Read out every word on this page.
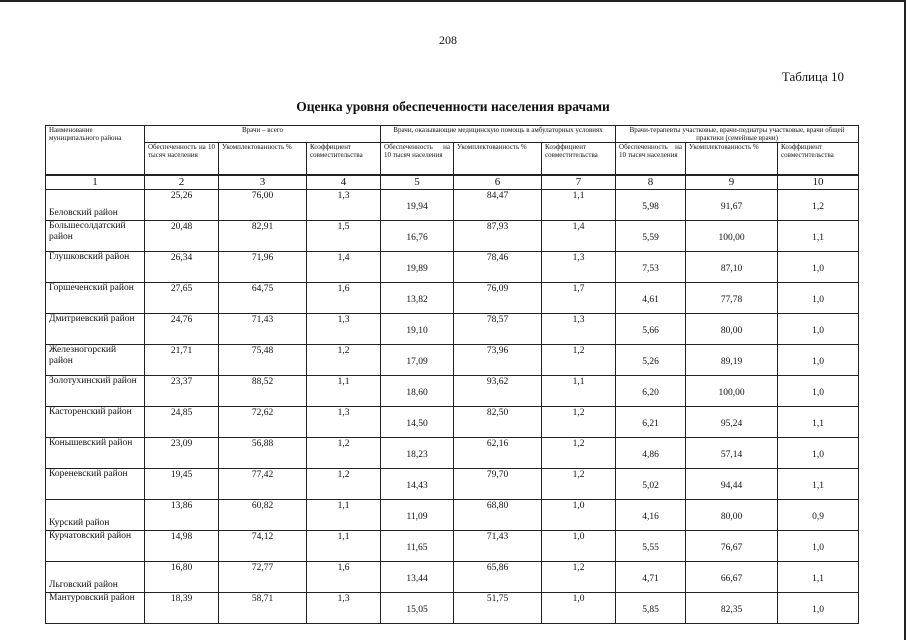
208
Таблица 10
Оценка уровня обеспеченности населения врачами
Наименование муниципального района	Врачи – всего			Врачи, оказывающие медицинскую помощь в амбулаторных условиях			Врачи-терапевты участковые, врачи-педиатры участковые, врачи общей практики (семейные врачи)		
	Обеспеченность на 10 тысяч населения	Укомплектованность %	Коэффициент совместительства	Обеспеченность на 10 тысяч населения	Укомплектованность %	Коэффициент совместительства	Обеспеченность на 10 тысяч населения	Укомплектованность %	Коэффициент совместительства
1	2	3	4	5	6	7	8	9	10
Беловский район	25,26	76,00	1,3	19,94	84,47	1,1	5,98	91,67	1,2
Большесолдатский район	20,48	82,91	1,5	16,76	87,93	1,4	5,59	100,00	1,1
Глушковский район	26,34	71,96	1,4	19,89	78,46	1,3	7,53	87,10	1,0
Горшеченский район	27,65	64,75	1,6	13,82	76,09	1,7	4,61	77,78	1,0
Дмитриевский район	24,76	71,43	1,3	19,10	78,57	1,3	5,66	80,00	1,0
Железногорский район	21,71	75,48	1,2	17,09	73,96	1,2	5,26	89,19	1,0
Золотухинский район	23,37	88,52	1,1	18,60	93,62	1,1	6,20	100,00	1,0
Касторенский район	24,85	72,62	1,3	14,50	82,50	1,2	6,21	95,24	1,1
Конышевский район	23,09	56,88	1,2	18,23	62,16	1,2	4,86	57,14	1,0
Кореневский район	19,45	77,42	1,2	14,43	79,70	1,2	5,02	94,44	1,1
Курский район	13,86	60,82	1,1	11,09	68,80	1,0	4,16	80,00	0,9
Курчатовский район	14,98	74,12	1,1	11,65	71,43	1,0	5,55	76,67	1,0
Льговский район	16,80	72,77	1,6	13,44	65,86	1,2	4,71	66,67	1,1
Мантуровский район	18,39	58,71	1,3	15,05	51,75	1,0	5,85	82,35	1,0
